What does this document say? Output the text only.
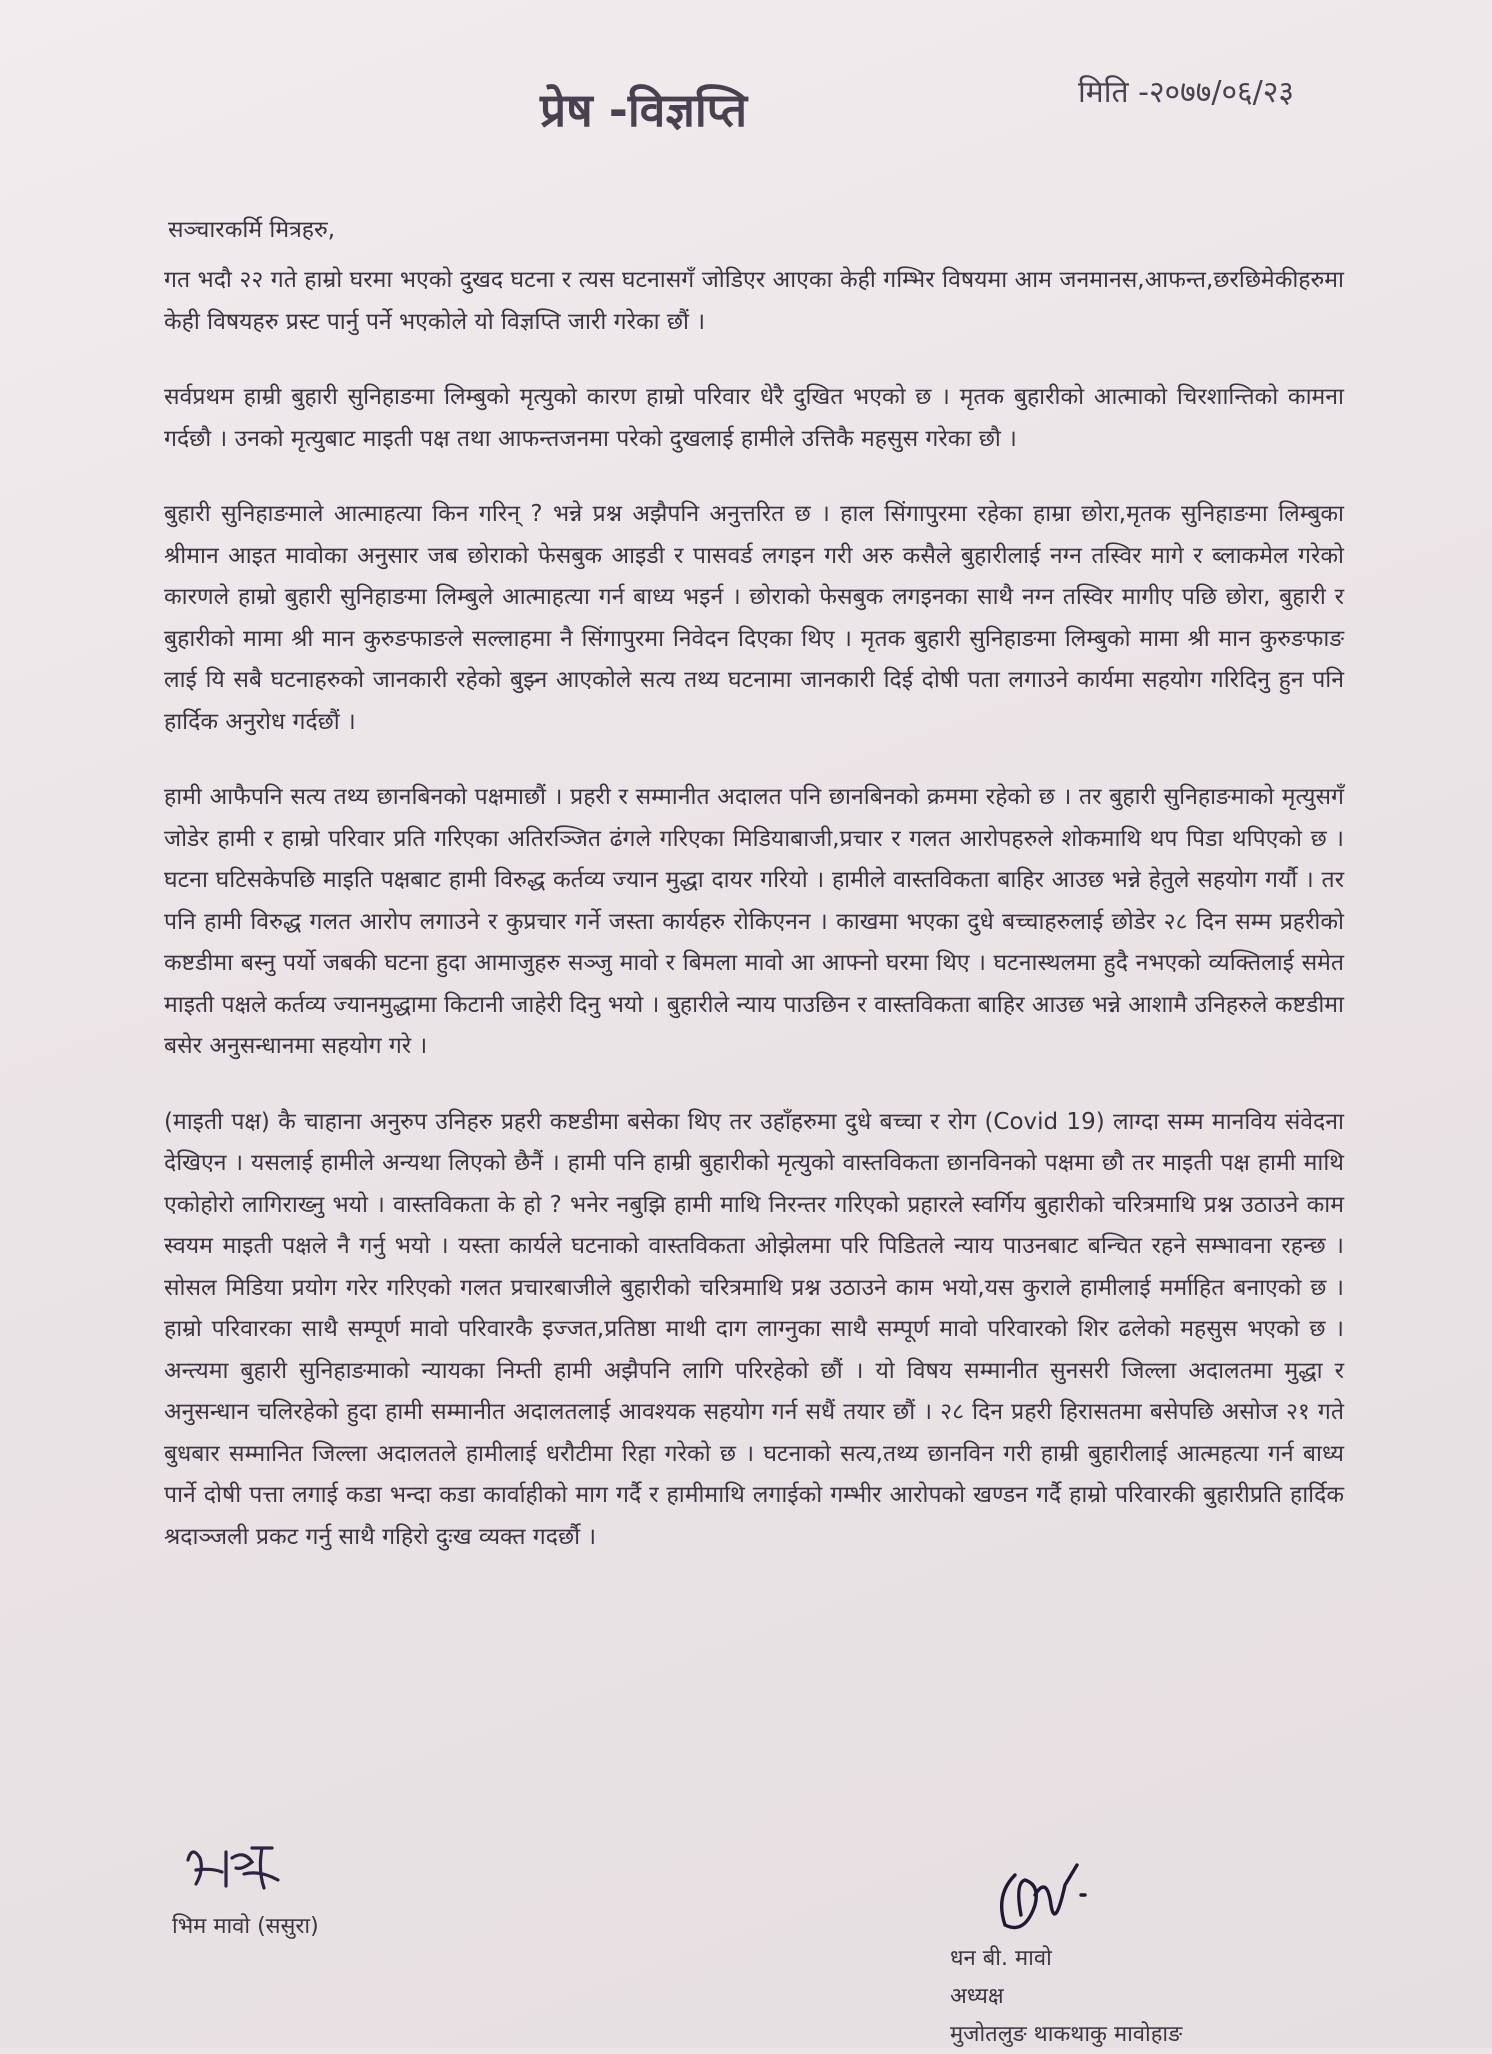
प्रेष -विज्ञप्ति	मिति -२०७७/०६/२३
सञ्चारकर्मि मित्रहरु,

गत भदौ २२ गते हाम्रो घरमा भएको दुखद घटना र त्यस घटनासगँ जोडिएर आएका केही गम्भिर विषयमा आम जनमानस,आफन्त,छरछिमेकीहरुमा केही विषयहरु प्रस्ट पार्नु पर्ने भएकोले यो विज्ञप्ति जारी गरेका छौं ।

सर्वप्रथम हाम्री बुहारी सुनिहाङमा लिम्बुको मृत्युको कारण हाम्रो परिवार धेरै दुखित भएको छ । मृतक बुहारीको आत्माको चिरशान्तिको कामना गर्दछौ । उनको मृत्युबाट माइती पक्ष तथा आफन्तजनमा परेको दुखलाई हामीले उत्तिकै महसुस गरेका छौ ।

बुहारी सुनिहाङमाले आत्माहत्या किन गरिन् ? भन्ने प्रश्न अझैपनि अनुत्तरित छ । हाल सिंगापुरमा रहेका हाम्रा छोरा,मृतक सुनिहाङमा लिम्बुका श्रीमान आइत मावोका अनुसार जब छोराको फेसबुक आइडी र पासवर्ड लगइन गरी अरु कसैले बुहारीलाई नग्न तस्विर मागे र ब्लाकमेल गरेको कारणले हाम्रो बुहारी सुनिहाङमा लिम्बुले आत्माहत्या गर्न बाध्य भइर्न । छोराको फेसबुक लगइनका साथै नग्न तस्विर मागीए पछि छोरा, बुहारी र बुहारीको मामा श्री मान कुरुङफाङले सल्लाहमा नै सिंगापुरमा निवेदन दिएका थिए । मृतक बुहारी सुनिहाङमा लिम्बुको मामा श्री मान कुरुङफाङ लाई यि सबै घटनाहरुको जानकारी रहेको बुझ्न आएकोले सत्य तथ्य घटनामा जानकारी दिई दोषी पता लगाउने कार्यमा सहयोग गरिदिनु हुन पनि हार्दिक अनुरोध गर्दछौं ।

हामी आफैपनि सत्य तथ्य छानबिनको पक्षमाछौं । प्रहरी र सम्मानीत अदालत पनि छानबिनको क्रममा रहेको छ । तर बुहारी सुनिहाङमाको मृत्युसगँ जोडेर हामी र हाम्रो परिवार प्रति गरिएका अतिरञ्जित ढंगले गरिएका मिडियाबाजी,प्रचार र गलत आरोपहरुले शोकमाथि थप पिडा थपिएको छ । घटना घटिसकेपछि माइति पक्षबाट हामी विरुद्ध कर्तव्य ज्यान मुद्धा दायर गरियो । हामीले वास्तविकता बाहिर आउछ भन्ने हेतुले सहयोग गर्यौ । तर पनि हामी विरुद्ध गलत आरोप लगाउने र कुप्रचार गर्ने जस्ता कार्यहरु रोकिएनन । काखमा भएका दुधे बच्चाहरुलाई छोडेर २८ दिन सम्म प्रहरीको कष्टडीमा बस्नु पर्यो जबकी घटना हुदा आमाजुहरु सञ्जु मावो र बिमला मावो आ आफ्नो घरमा थिए । घटनास्थलमा हुदै नभएको व्यक्तिलाई समेत माइती पक्षले कर्तव्य ज्यानमुद्धामा किटानी जाहेरी दिनु भयो । बुहारीले न्याय पाउछिन र वास्तविकता बाहिर आउछ भन्ने आशामै उनिहरुले कष्टडीमा बसेर अनुसन्धानमा सहयोग गरे ।

(माइती पक्ष) कै चाहाना अनुरुप उनिहरु प्रहरी कष्टडीमा बसेका थिए तर उहाँहरुमा दुधे बच्चा र रोग (Covid 19) लाग्दा सम्म मानविय संवेदना देखिएन । यसलाई हामीले अन्यथा लिएको छैनैं । हामी पनि हाम्री बुहारीको मृत्युको वास्तविकता छानविनको पक्षमा छौ तर माइती पक्ष हामी माथि एकोहोरो लागिराख्नु भयो । वास्तविकता के हो ? भनेर नबुझि हामी माथि निरन्तर गरिएको प्रहारले स्वर्गिय बुहारीको चरित्रमाथि प्रश्न उठाउने काम स्वयम माइती पक्षले नै गर्नु भयो । यस्ता कार्यले घटनाको वास्तविकता ओझेलमा परि पिडितले न्याय पाउनबाट बन्चित रहने सम्भावना रहन्छ । सोसल मिडिया प्रयोग गरेर गरिएको गलत प्रचारबाजीले बुहारीको चरित्रमाथि प्रश्न उठाउने काम भयो,यस कुराले हामीलाई मर्माहित बनाएको छ । हाम्रो परिवारका साथै सम्पूर्ण मावो परिवारकै इज्जत,प्रतिष्ठा माथी दाग लाग्नुका साथै सम्पूर्ण मावो परिवारको शिर ढलेको महसुस भएको छ । अन्त्यमा बुहारी सुनिहाङमाको न्यायका निम्ती हामी अझैपनि लागि परिरहेको छौं । यो विषय सम्मानीत सुनसरी जिल्ला अदालतमा मुद्धा र अनुसन्धान चलिरहेको हुदा हामी सम्मानीत अदालतलाई आवश्यक सहयोग गर्न सधैं तयार छौं । २८ दिन प्रहरी हिरासतमा बसेपछि असोज २१ गते बुधबार सम्मानित जिल्ला अदालतले हामीलाई धरौटीमा रिहा गरेको छ । घटनाको सत्य,तथ्य छानविन गरी हाम्री बुहारीलाई आत्महत्या गर्न बाध्य पार्ने दोषी पत्ता लगाई कडा भन्दा कडा कार्वाहीको माग गर्दै र हामीमाथि लगाईको गम्भीर आरोपको खण्डन गर्दै हाम्रो परिवारकी बुहारीप्रति हार्दिक श्रदाञ्जली प्रकट गर्नु साथै गहिरो दुःख व्यक्त गदर्छौ ।

भिम मावो (ससुरा)
धन बी. मावो
अध्यक्ष
मुजोतलुङ थाकथाकु मावोहाङ
